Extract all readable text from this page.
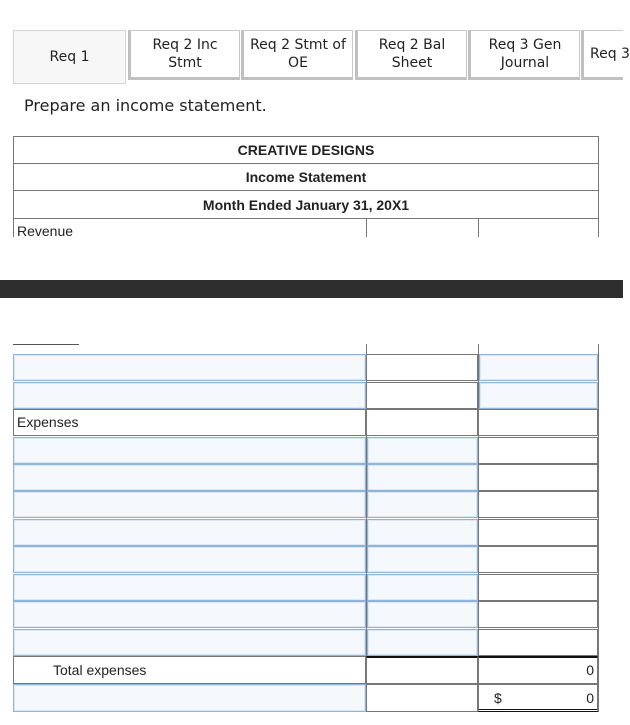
Req 1
Req 2 Inc
Stmt
Req 2 Stmt of
OE
Req 2 Bal
Sheet
Req 3 Gen
Journal
Req 3
Prepare an income statement.
CREATIVE DESIGNS
Income Statement
Month Ended January 31, 20X1
Revenue
Expenses
Total expenses	0
$	0
